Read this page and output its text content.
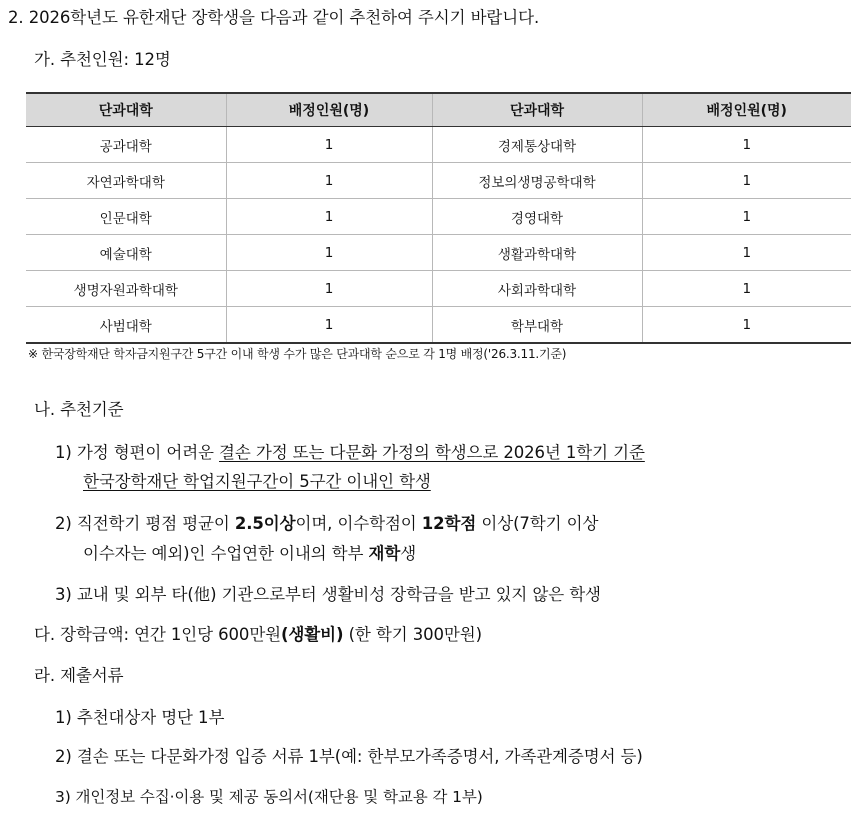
2. 2026학년도 유한재단 장학생을 다음과 같이 추천하여 주시기 바랍니다.
가. 추천인원: 12명
단과대학	배정인원(명)	단과대학	배정인원(명)
공과대학	1	경제통상대학	1
자연과학대학	1	정보의생명공학대학	1
인문대학	1	경영대학	1
예술대학	1	생활과학대학	1
생명자원과학대학	1	사회과학대학	1
사범대학	1	학부대학	1
※ 한국장학재단 학자금지원구간 5구간 이내 학생 수가 많은 단과대학 순으로 각 1명 배정('26.3.11.기준)
나. 추천기준
1) 가정 형편이 어려운 결손 가정 또는 다문화 가정의 학생으로 2026년 1학기 기준
한국장학재단 학업지원구간이 5구간 이내인 학생
2) 직전학기 평점 평균이 2.5이상이며, 이수학점이 12학점 이상(7학기 이상
이수자는 예외)인 수업연한 이내의 학부 재학생
3) 교내 및 외부 타(他) 기관으로부터 생활비성 장학금을 받고 있지 않은 학생
다. 장학금액: 연간 1인당 600만원(생활비) (한 학기 300만원)
라. 제출서류
1) 추천대상자 명단 1부
2) 결손 또는 다문화가정 입증 서류 1부(예: 한부모가족증명서, 가족관계증명서 등)
3) 개인정보 수집·이용 및 제공 동의서(재단용 및 학교용 각 1부)
